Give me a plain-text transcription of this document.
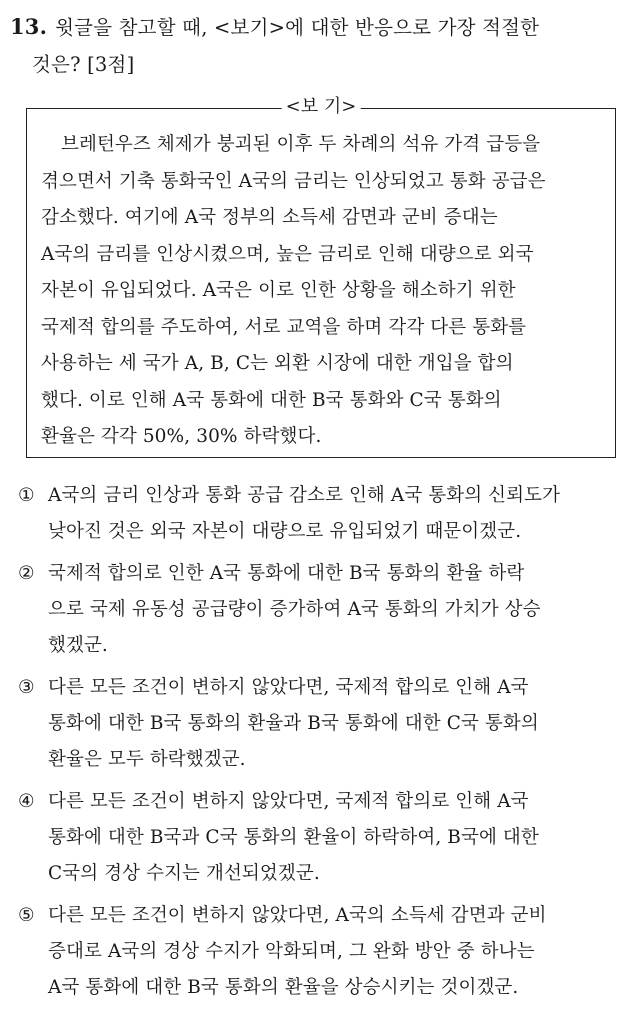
13. 윗글을 참고할 때, <보기>에 대한 반응으로 가장 적절한
것은? [3점]
<보 기>
브레턴우즈 체제가 붕괴된 이후 두 차례의 석유 가격 급등을
겪으면서 기축 통화국인 A국의 금리는 인상되었고 통화 공급은
감소했다. 여기에 A국 정부의 소득세 감면과 군비 증대는
A국의 금리를 인상시켰으며, 높은 금리로 인해 대량으로 외국
자본이 유입되었다. A국은 이로 인한 상황을 해소하기 위한
국제적 합의를 주도하여, 서로 교역을 하며 각각 다른 통화를
사용하는 세 국가 A, B, C는 외환 시장에 대한 개입을 합의
했다. 이로 인해 A국 통화에 대한 B국 통화와 C국 통화의
환율은 각각 50%, 30% 하락했다.
① A국의 금리 인상과 통화 공급 감소로 인해 A국 통화의 신뢰도가
낮아진 것은 외국 자본이 대량으로 유입되었기 때문이겠군.
② 국제적 합의로 인한 A국 통화에 대한 B국 통화의 환율 하락
으로 국제 유동성 공급량이 증가하여 A국 통화의 가치가 상승
했겠군.
③ 다른 모든 조건이 변하지 않았다면, 국제적 합의로 인해 A국
통화에 대한 B국 통화의 환율과 B국 통화에 대한 C국 통화의
환율은 모두 하락했겠군.
④ 다른 모든 조건이 변하지 않았다면, 국제적 합의로 인해 A국
통화에 대한 B국과 C국 통화의 환율이 하락하여, B국에 대한
C국의 경상 수지는 개선되었겠군.
⑤ 다른 모든 조건이 변하지 않았다면, A국의 소득세 감면과 군비
증대로 A국의 경상 수지가 악화되며, 그 완화 방안 중 하나는
A국 통화에 대한 B국 통화의 환율을 상승시키는 것이겠군.
